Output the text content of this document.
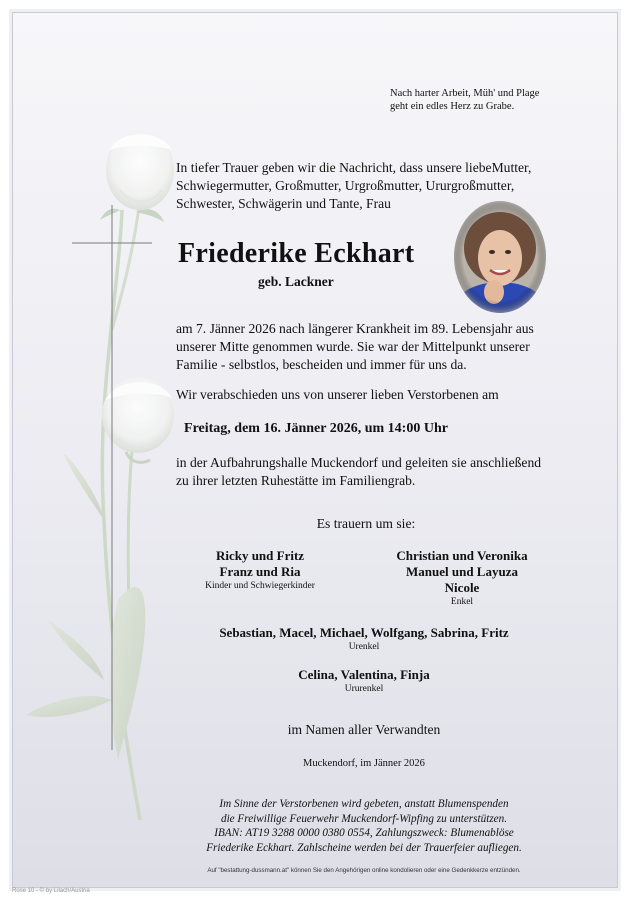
Nach harter Arbeit, Müh' und Plage
geht ein edles Herz zu Grabe.
In tiefer Trauer geben wir die Nachricht, dass unsere liebeMutter,
Schwiegermutter, Großmutter, Urgroßmutter, Ururgroßmutter,
Schwester, Schwägerin und Tante, Frau
Friederike Eckhart
geb. Lackner
am 7. Jänner 2026 nach längerer Krankheit im 89. Lebensjahr aus
unserer Mitte genommen wurde. Sie war der Mittelpunkt unserer
Familie - selbstlos, bescheiden und immer für uns da.
Wir verabschieden uns von unserer lieben Verstorbenen am
Freitag, dem 16. Jänner 2026, um 14:00 Uhr
in der Aufbahrungshalle Muckendorf und geleiten sie anschließend
zu ihrer letzten Ruhestätte im Familiengrab.
Es trauern um sie:
Ricky und Fritz
Franz und Ria
Kinder und Schwiegerkinder
Christian und Veronika
Manuel und Layuza
Nicole
Enkel
Sebastian, Macel, Michael, Wolfgang, Sabrina, Fritz
Urenkel
Celina, Valentina, Finja
Ururenkel
im Namen aller Verwandten
Muckendorf, im Jänner 2026
Im Sinne der Verstorbenen wird gebeten, anstatt Blumenspenden
die Freiwillige Feuerwehr Muckendorf-Wipfing zu unterstützen.
IBAN: AT19 3288 0000 0380 0554, Zahlungszweck: Blumenablöse
Friederike Eckhart. Zahlscheine werden bei der Trauerfeier aufliegen.
Auf "bestattung-dussmann.at" können Sie den Angehörigen online kondolieren oder eine Gedenkkerze entzünden.
Rose 10 - © by Lilach/Austria
